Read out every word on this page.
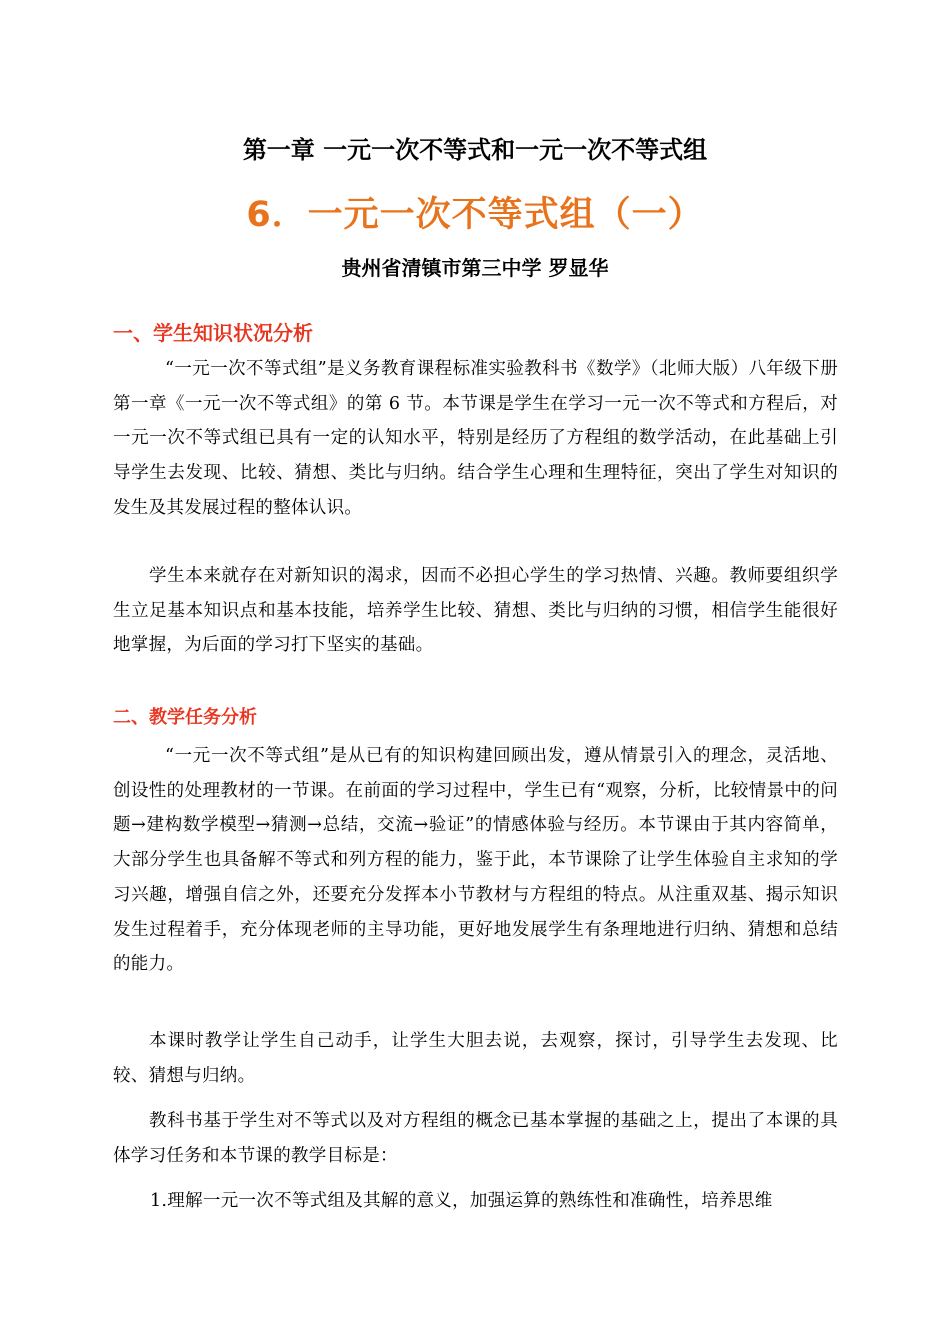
第一章 一元一次不等式和一元一次不等式组
6．一元一次不等式组（一）
贵州省清镇市第三中学 罗显华
一、学生知识状况分析

“一元一次不等式组”是义务教育课程标准实验教科书《数学》（北师大版）八年级下册第一章《一元一次不等式组》的第 6 节。本节课是学生在学习一元一次不等式和方程后，对一元一次不等式组已具有一定的认知水平，特别是经历了方程组的数学活动，在此基础上引导学生去发现、比较、猜想、类比与归纳。结合学生心理和生理特征，突出了学生对知识的发生及其发展过程的整体认识。

学生本来就存在对新知识的渴求，因而不必担心学生的学习热情、兴趣。教师要组织学生立足基本知识点和基本技能，培养学生比较、猜想、类比与归纳的习惯，相信学生能很好地掌握，为后面的学习打下坚实的基础。

二、教学任务分析

“一元一次不等式组”是从已有的知识构建回顾出发，遵从情景引入的理念，灵活地、创设性的处理教材的一节课。在前面的学习过程中，学生已有“观察，分析，比较情景中的问题→建构数学模型→猜测→总结，交流→验证”的情感体验与经历。本节课由于其内容简单，大部分学生也具备解不等式和列方程的能力，鉴于此，本节课除了让学生体验自主求知的学习兴趣，增强自信之外，还要充分发挥本小节教材与方程组的特点。从注重双基、揭示知识发生过程着手，充分体现老师的主导功能，更好地发展学生有条理地进行归纳、猜想和总结的能力。

本课时教学让学生自己动手，让学生大胆去说，去观察，探讨，引导学生去发现、比较、猜想与归纳。

教科书基于学生对不等式以及对方程组的概念已基本掌握的基础之上，提出了本课的具体学习任务和本节课的教学目标是：

1.理解一元一次不等式组及其解的意义，加强运算的熟练性和准确性，培养思维
